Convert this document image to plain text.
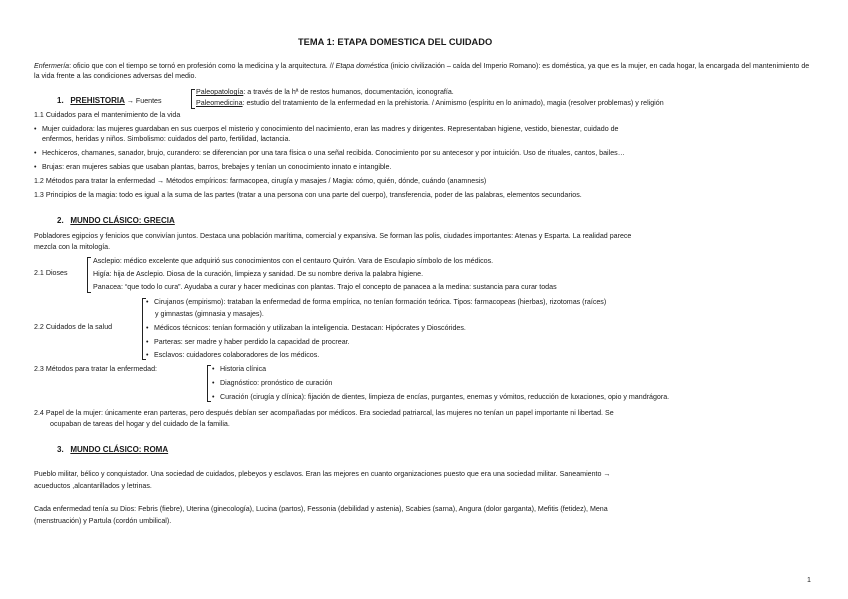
TEMA 1: ETAPA DOMESTICA DEL CUIDADO
Enfermería: oficio que con el tiempo se tornó en profesión como la medicina y la arquitectura. // Etapa doméstica (inicio civilización – caída del Imperio Romano): es doméstica, ya que es la mujer, en cada hogar, la encargada del mantenimiento de la vida frente a las condiciones adversas del medio.
1. PREHISTORIA → Fuentes
Paleopatología: a través de la hª de restos humanos, documentación, iconografía.
Paleomedicina: estudio del tratamiento de la enfermedad en la prehistoria. / Animismo (espíritu en lo animado), magia (resolver problemas) y religión
1.1 Cuidados para el mantenimiento de la vida
• Mujer cuidadora: las mujeres guardaban en sus cuerpos el misterio y conocimiento del nacimiento, eran las madres y dirigentes. Representaban higiene, vestido, bienestar, cuidado de
enfermos, heridas y niños. Simbolismo: cuidados del parto, fertilidad, lactancia.
• Hechiceros, chamanes, sanador, brujo, curandero: se diferencian por una tara física o una señal recibida. Conocimiento por su antecesor y por intuición. Uso de rituales, cantos, bailes…
• Brujas: eran mujeres sabias que usaban plantas, barros, brebajes y tenían un conocimiento innato e intangible.
1.2 Métodos para tratar la enfermedad → Métodos empíricos: farmacopea, cirugía y masajes / Magia: cómo, quién, dónde, cuándo (anamnesis)
1.3 Principios de la magia: todo es igual a la suma de las partes (tratar a una persona con una parte del cuerpo), transferencia, poder de las palabras, elementos secundarios.
2. MUNDO CLÁSICO: GRECIA
Pobladores egipcios y fenicios que convivían juntos. Destaca una población marítima, comercial y expansiva. Se forman las polis, ciudades importantes: Atenas y Esparta. La realidad parece
mezcla con la mitología.
2.1 Dioses
Asclepio: médico excelente que adquirió sus conocimientos con el centauro Quirón. Vara de Esculapio símbolo de los médicos.
Higía: hija de Asclepio. Diosa de la curación, limpieza y sanidad. De su nombre deriva la palabra higiene.
Panacea: “que todo lo cura”. Ayudaba a curar y hacer medicinas con plantas. Trajo el concepto de panacea a la medina: sustancia para curar todas
2.2 Cuidados de la salud
• Cirujanos (empirismo): trataban la enfermedad de forma empírica, no tenían formación teórica. Tipos: farmacopeas (hierbas), rizotomas (raíces)
y gimnastas (gimnasia y masajes).
• Médicos técnicos: tenían formación y utilizaban la inteligencia. Destacan: Hipócrates y Dioscórides.
• Parteras: ser madre y haber perdido la capacidad de procrear.
• Esclavos: cuidadores colaboradores de los médicos.
2.3 Métodos para tratar la enfermedad:	• Historia clínica
• Diagnóstico: pronóstico de curación
• Curación (cirugía y clínica): fijación de dientes, limpieza de encías, purgantes, enemas y vómitos, reducción de luxaciones, opio y mandrágora.
2.4 Papel de la mujer: únicamente eran parteras, pero después debían ser acompañadas por médicos. Era sociedad patriarcal, las mujeres no tenían un papel importante ni libertad. Se
ocupaban de tareas del hogar y del cuidado de la familia.
3. MUNDO CLÁSICO: ROMA
Pueblo militar, bélico y conquistador. Una sociedad de cuidados, plebeyos y esclavos. Eran las mejores en cuanto organizaciones puesto que era una sociedad militar. Saneamiento →
acueductos ,alcantarillados y letrinas.
Cada enfermedad tenía su Dios: Febris (fiebre), Uterina (ginecología), Lucina (partos), Fessonia (debilidad y astenia), Scabies (sarna), Angura (dolor garganta), Mefitis (fetidez), Mena
(menstruación) y Partula (cordón umbilical).
1
